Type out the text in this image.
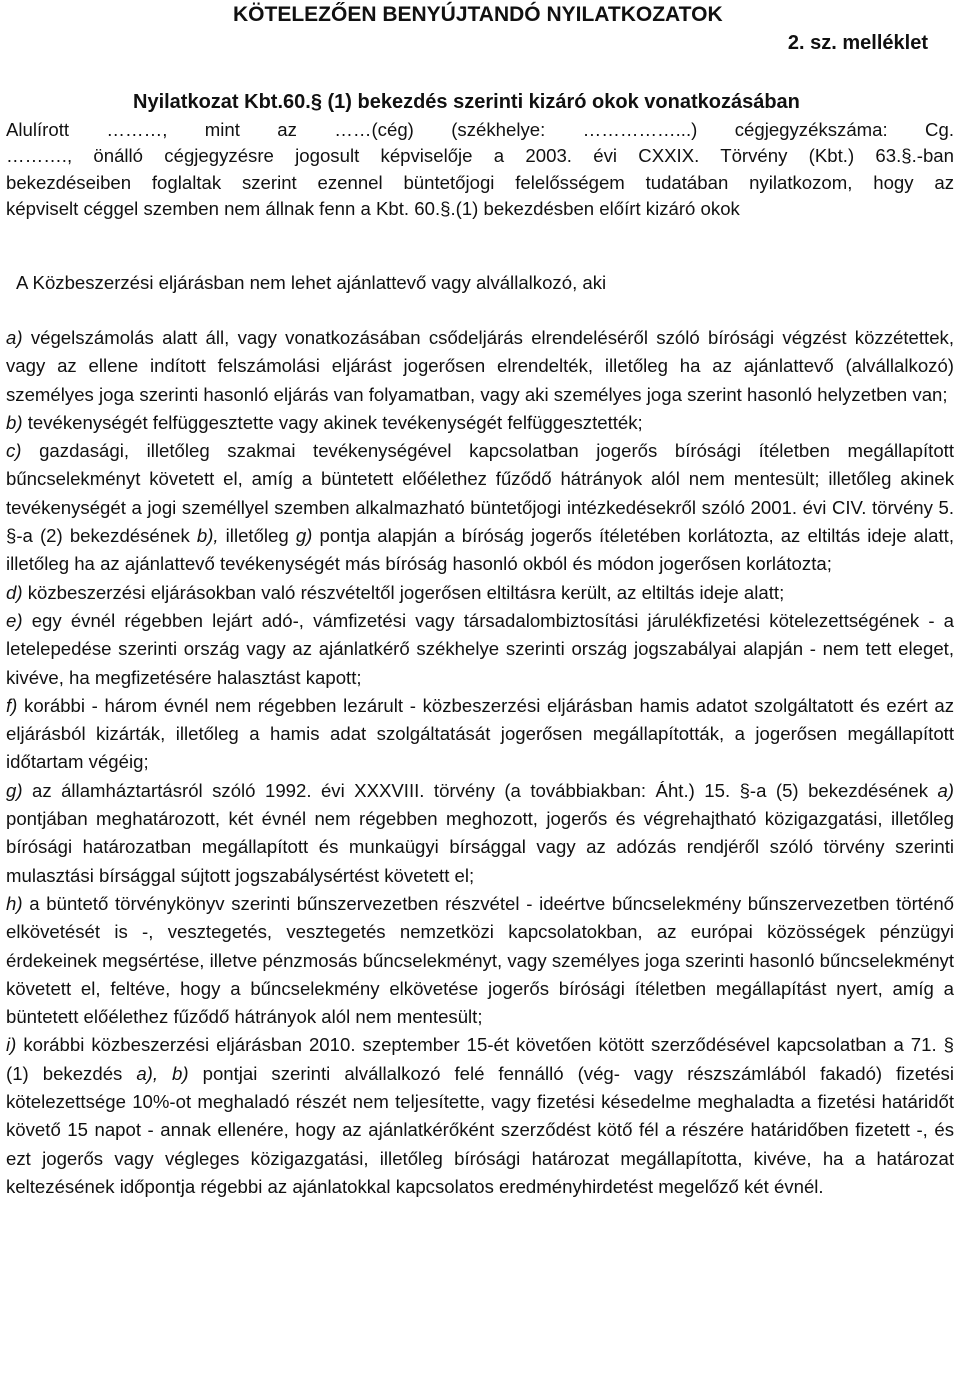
KÖTELEZŐEN BENYÚJTANDÓ NYILATKOZATOK

2. sz. melléklet

Nyilatkozat Kbt.60.§ (1) bekezdés szerinti kizáró okok vonatkozásában

Alulírott ………, mint az ……(cég) (székhelye: ……………...) cégjegyzékszáma: Cg.
………., önálló cégjegyzésre jogosult képviselője a 2003. évi CXXIX. Törvény (Kbt.) 63.§.-ban
bekezdéseiben foglaltak szerint ezennel büntetőjogi felelősségem tudatában nyilatkozom, hogy az
képviselt céggel szemben nem állnak fenn a Kbt. 60.§.(1) bekezdésben előírt kizáró okok

A Közbeszerzési eljárásban nem lehet ajánlattevő vagy alvállalkozó, aki

a) végelszámolás alatt áll, vagy vonatkozásában csődeljárás elrendeléséről szóló bírósági végzést közzétettek, vagy az ellene indított felszámolási eljárást jogerősen elrendelték, illetőleg ha az ajánlattevő (alvállalkozó) személyes joga szerinti hasonló eljárás van folyamatban, vagy aki személyes joga szerint hasonló helyzetben van;

b) tevékenységét felfüggesztette vagy akinek tevékenységét felfüggesztették;

c) gazdasági, illetőleg szakmai tevékenységével kapcsolatban jogerős bírósági ítéletben megállapított bűncselekményt követett el, amíg a büntetett előélethez fűződő hátrányok alól nem mentesült; illetőleg akinek tevékenységét a jogi személlyel szemben alkalmazható büntetőjogi intézkedésekről szóló 2001. évi CIV. törvény 5. §-a (2) bekezdésének b), illetőleg g) pontja alapján a bíróság jogerős ítéletében korlátozta, az eltiltás ideje alatt, illetőleg ha az ajánlattevő tevékenységét más bíróság hasonló okból és módon jogerősen korlátozta;

d) közbeszerzési eljárásokban való részvételtől jogerősen eltiltásra került, az eltiltás ideje alatt;

e) egy évnél régebben lejárt adó-, vámfizetési vagy társadalombiztosítási járulékfizetési kötelezettségének - a letelepedése szerinti ország vagy az ajánlatkérő székhelye szerinti ország jogszabályai alapján - nem tett eleget, kivéve, ha megfizetésére halasztást kapott;

f) korábbi - három évnél nem régebben lezárult - közbeszerzési eljárásban hamis adatot szolgáltatott és ezért az eljárásból kizárták, illetőleg a hamis adat szolgáltatását jogerősen megállapították, a jogerősen megállapított időtartam végéig;

g) az államháztartásról szóló 1992. évi XXXVIII. törvény (a továbbiakban: Áht.) 15. §-a (5) bekezdésének a) pontjában meghatározott, két évnél nem régebben meghozott, jogerős és végrehajtható közigazgatási, illetőleg bírósági határozatban megállapított és munkaügyi bírsággal vagy az adózás rendjéről szóló törvény szerinti mulasztási bírsággal sújtott jogszabálysértést követett el;

h) a büntető törvénykönyv szerinti bűnszervezetben részvétel - ideértve bűncselekmény bűnszervezetben történő elkövetését is -, vesztegetés, vesztegetés nemzetközi kapcsolatokban, az európai közösségek pénzügyi érdekeinek megsértése, illetve pénzmosás bűncselekményt, vagy személyes joga szerinti hasonló bűncselekményt követett el, feltéve, hogy a bűncselekmény elkövetése jogerős bírósági ítéletben megállapítást nyert, amíg a büntetett előélethez fűződő hátrányok alól nem mentesült;

i) korábbi közbeszerzési eljárásban 2010. szeptember 15-ét követően kötött szerződésével kapcsolatban a 71. § (1) bekezdés a), b) pontjai szerinti alvállalkozó felé fennálló (vég- vagy részszámlából fakadó) fizetési kötelezettsége 10%-ot meghaladó részét nem teljesítette, vagy fizetési késedelme meghaladta a fizetési határidőt követő 15 napot - annak ellenére, hogy az ajánlatkérőként szerződést kötő fél a részére határidőben fizetett -, és ezt jogerős vagy végleges közigazgatási, illetőleg bírósági határozat megállapította, kivéve, ha a határozat keltezésének időpontja régebbi az ajánlatokkal kapcsolatos eredményhirdetést megelőző két évnél.
